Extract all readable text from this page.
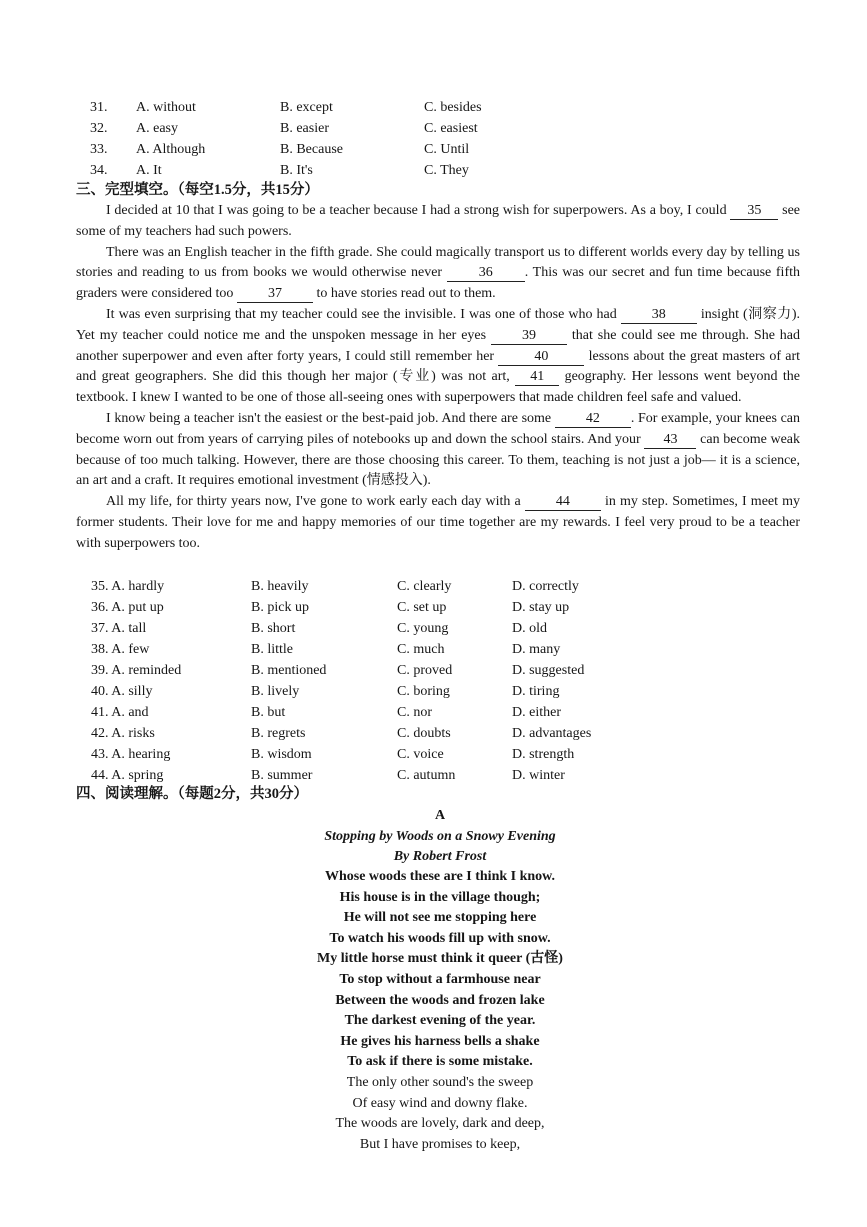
31. A. without	B. except	C. besides
32. A. easy	B. easier	C. easiest
33. A. Although	B. Because	C. Until
34. A. It	B. It's	C. They
三、完型填空。（每空1.5分，共15分）

I decided at 10 that I was going to be a teacher because I had a strong wish for superpowers. As a boy, I could 35 see some of my teachers had such powers.

There was an English teacher in the fifth grade. She could magically transport us to different worlds every day by telling us stories and reading to us from books we would otherwise never	36 . This was our secret and fun time because fifth graders were considered too 37 to have stories read out to them.

It was even surprising that my teacher could see the invisible. I was one of those who had	38	insight (洞察力). Yet my teacher could notice me and the unspoken message in her eyes	39	that she could see me through. She had another superpower and even after forty years, I could still remember her	40	lessons about the great masters of art and great geographers. She did this though her major (专业) was not art, 41 geography. Her lessons went beyond the textbook. I knew I wanted to be one of those all-seeing ones with superpowers that made children feel safe and valued.

I know being a teacher isn't the easiest or the best-paid job. And there are some 42 . For example, your knees can become worn out from years of carrying piles of notebooks up and down the school stairs. And your 43 can become weak because of too much talking. However, there are those choosing this career. To them, teaching is not just a job— it is a science, an art and a craft. It requires emotional investment (情感投入).

All my life, for thirty years now, I've gone to work early each day with a	44	in my step. Sometimes, I meet my former students. Their love for me and happy memories of our time together are my rewards. I feel very proud to be a teacher with superpowers too.

35. A. hardly	B. heavily	C. clearly	D. correctly
36. A. put up	B. pick up	C. set up	D. stay up
37. A. tall	B. short	C. young	D. old
38. A. few	B. little	C. much	D. many
39. A. reminded	B. mentioned	C. proved	D. suggested
40. A. silly	B. lively	C. boring	D. tiring
41. A. and	B. but	C. nor	D. either
42. A. risks	B. regrets	C. doubts	D. advantages
43. A. hearing	B. wisdom	C. voice	D. strength
44. A. spring	B. summer	C. autumn	D. winter
四、阅读理解。（每题2分，共30分）
A
Stopping by Woods on a Snowy Evening
By Robert Frost
Whose woods these are I think I know.
His house is in the village though;
He will not see me stopping here
To watch his woods fill up with snow.
My little horse must think it queer (古怪)
To stop without a farmhouse near
Between the woods and frozen lake
The darkest evening of the year.
He gives his harness bells a shake
To ask if there is some mistake.
The only other sound's the sweep
Of easy wind and downy flake.
The woods are lovely, dark and deep,
But I have promises to keep,
